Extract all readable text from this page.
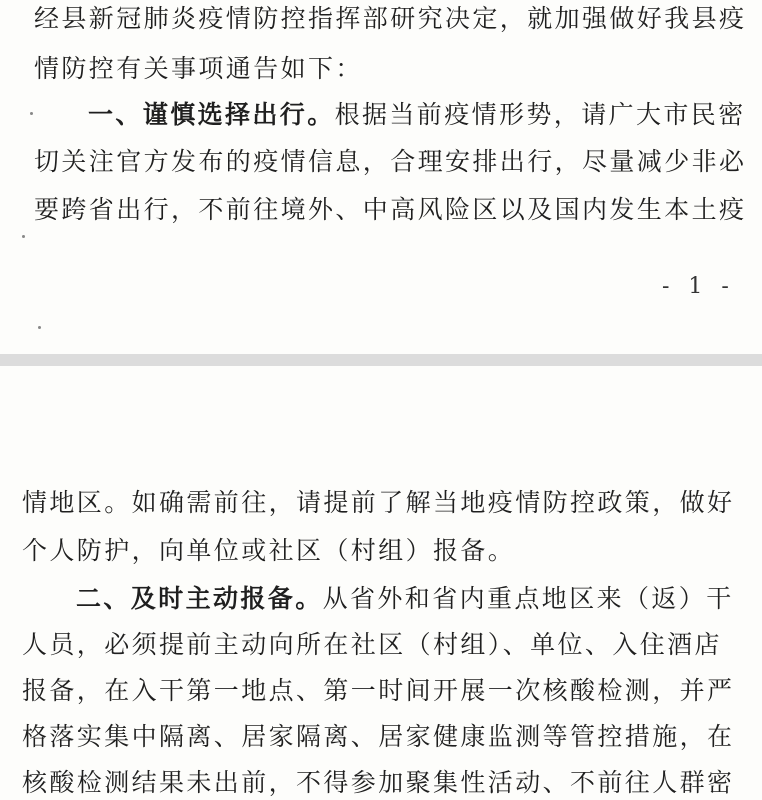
经县新冠肺炎疫情防控指挥部研究决定，就加强做好我县疫
情防控有关事项通告如下：
一、谨慎选择出行。根据当前疫情形势，请广大市民密
切关注官方发布的疫情信息，合理安排出行，尽量减少非必
要跨省出行，不前往境外、中高风险区以及国内发生本土疫
- 1 -
情地区。如确需前往，请提前了解当地疫情防控政策，做好
个人防护，向单位或社区（村组）报备。
二、及时主动报备。从省外和省内重点地区来（返）干
人员，必须提前主动向所在社区（村组）、单位、入住酒店
报备，在入干第一地点、第一时间开展一次核酸检测，并严
格落实集中隔离、居家隔离、居家健康监测等管控措施，在
核酸检测结果未出前，不得参加聚集性活动、不前往人群密
